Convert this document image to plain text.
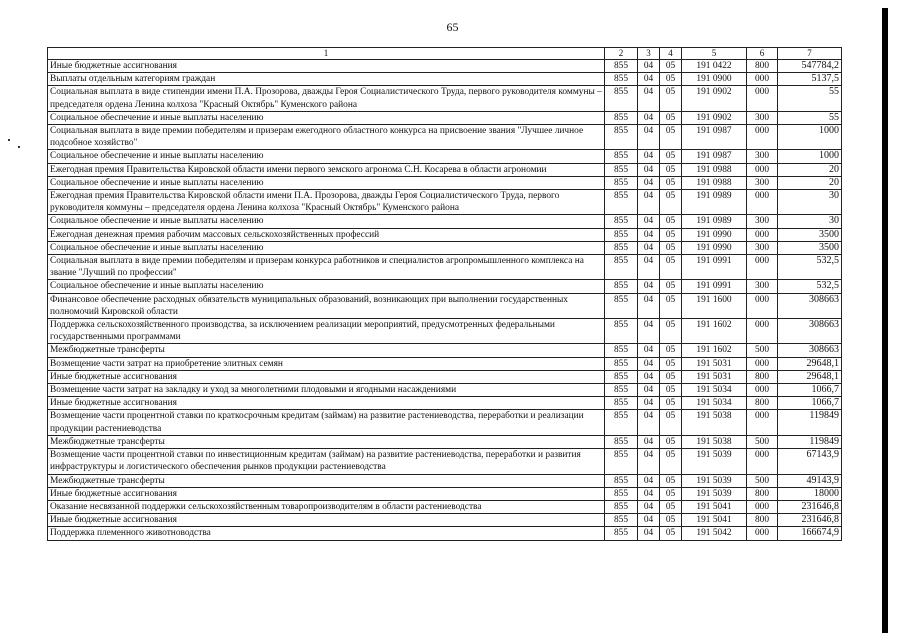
65
1	2	3	4	5	6	7
Иные бюджетные ассигнования	855	04	05	191 0422	800	547784,2
Выплаты отдельным категориям граждан	855	04	05	191 0900	000	5137,5
Социальная выплата в виде стипендии имени П.А. Прозорова, дважды Героя Социалистического Труда, первого руководителя коммуны – председателя ордена Ленина колхоза "Красный Октябрь" Куменского района	855	04	05	191 0902	000	55
Социальное обеспечение и иные выплаты населению	855	04	05	191 0902	300	55
Социальная выплата в виде премии победителям и призерам ежегодного областного конкурса на присвоение звания "Лучшее личное подсобное хозяйство"	855	04	05	191 0987	000	1000
Социальное обеспечение и иные выплаты населению	855	04	05	191 0987	300	1000
Ежегодная премия Правительства Кировской области имени первого земского агронома С.Н. Косарева в области агрономии	855	04	05	191 0988	000	20
Социальное обеспечение и иные выплаты населению	855	04	05	191 0988	300	20
Ежегодная премия Правительства Кировской области имени П.А. Прозорова, дважды Героя Социалистического Труда, первого руководителя коммуны – председателя ордена Ленина колхоза "Красный Октябрь" Куменского района	855	04	05	191 0989	000	30
Социальное обеспечение и иные выплаты населению	855	04	05	191 0989	300	30
Ежегодная денежная премия рабочим массовых сельскохозяйственных профессий	855	04	05	191 0990	000	3500
Социальное обеспечение и иные выплаты населению	855	04	05	191 0990	300	3500
Социальная выплата в виде премии победителям и призерам конкурса работников и специалистов агропромышленного комплекса на звание "Лучший по профессии"	855	04	05	191 0991	000	532,5
Социальное обеспечение и иные выплаты населению	855	04	05	191 0991	300	532,5
Финансовое обеспечение расходных обязательств муниципальных образований, возникающих при выполнении государственных полномочий Кировской области	855	04	05	191 1600	000	308663
Поддержка сельскохозяйственного производства, за исключением реализации мероприятий, предусмотренных федеральными государственными программами	855	04	05	191 1602	000	308663
Межбюджетные трансферты	855	04	05	191 1602	500	308663
Возмещение части затрат на приобретение элитных семян	855	04	05	191 5031	000	29648,1
Иные бюджетные ассигнования	855	04	05	191 5031	800	29648,1
Возмещение части затрат на закладку и уход за многолетними плодовыми и ягодными насаждениями	855	04	05	191 5034	000	1066,7
Иные бюджетные ассигнования	855	04	05	191 5034	800	1066,7
Возмещение части процентной ставки по краткосрочным кредитам (займам) на развитие растениеводства, переработки и реализации продукции растениеводства	855	04	05	191 5038	000	119849
Межбюджетные трансферты	855	04	05	191 5038	500	119849
Возмещение части процентной ставки по инвестиционным кредитам (займам) на развитие растениеводства, переработки и развития инфраструктуры и логистического обеспечения рынков продукции растениеводства	855	04	05	191 5039	000	67143,9
Межбюджетные трансферты	855	04	05	191 5039	500	49143,9
Иные бюджетные ассигнования	855	04	05	191 5039	800	18000
Оказание несвязанной поддержки сельскохозяйственным товаропроизводителям в области растениеводства	855	04	05	191 5041	000	231646,8
Иные бюджетные ассигнования	855	04	05	191 5041	800	231646,8
Поддержка племенного животноводства	855	04	05	191 5042	000	166674,9
